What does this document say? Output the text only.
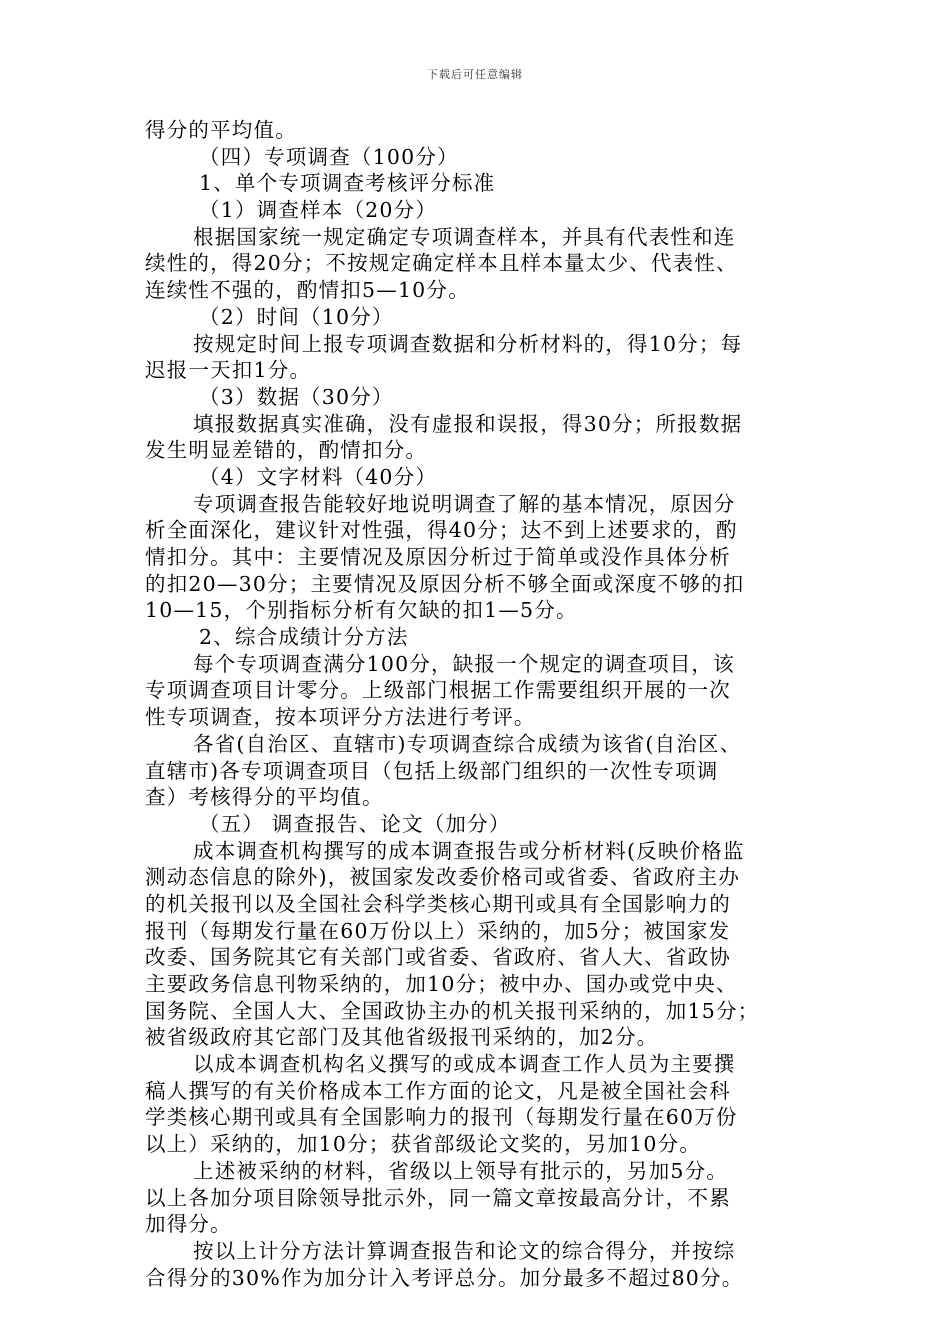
下载后可任意编辑
得分的平均值。
（四）专项调查（100分）
1、单个专项调查考核评分标准
（1）调查样本（20分）
根据国家统一规定确定专项调查样本，并具有代表性和连
续性的，得20分；不按规定确定样本且样本量太少、代表性、
连续性不强的，酌情扣5—10分。
（2）时间（10分）
按规定时间上报专项调查数据和分析材料的，得10分；每
迟报一天扣1分。
（3）数据（30分）
填报数据真实准确，没有虚报和误报，得30分；所报数据
发生明显差错的，酌情扣分。
（4）文字材料（40分）
专项调查报告能较好地说明调查了解的基本情况，原因分
析全面深化，建议针对性强，得40分；达不到上述要求的，酌
情扣分。其中：主要情况及原因分析过于简单或没作具体分析
的扣20—30分；主要情况及原因分析不够全面或深度不够的扣
10—15，个别指标分析有欠缺的扣1—5分。
2、综合成绩计分方法
每个专项调查满分100分，缺报一个规定的调查项目，该
专项调查项目计零分。上级部门根据工作需要组织开展的一次
性专项调查，按本项评分方法进行考评。
各省(自治区、直辖市)专项调查综合成绩为该省(自治区、
直辖市)各专项调查项目（包括上级部门组织的一次性专项调
查）考核得分的平均值。
（五） 调查报告、论文（加分）
成本调查机构撰写的成本调查报告或分析材料(反映价格监
测动态信息的除外)，被国家发改委价格司或省委、省政府主办
的机关报刊以及全国社会科学类核心期刊或具有全国影响力的
报刊（每期发行量在60万份以上）采纳的，加5分；被国家发
改委、国务院其它有关部门或省委、省政府、省人大、省政协
主要政务信息刊物采纳的，加10分；被中办、国办或党中央、
国务院、全国人大、全国政协主办的机关报刊采纳的，加15分；
被省级政府其它部门及其他省级报刊采纳的，加2分。
以成本调查机构名义撰写的或成本调查工作人员为主要撰
稿人撰写的有关价格成本工作方面的论文，凡是被全国社会科
学类核心期刊或具有全国影响力的报刊（每期发行量在60万份
以上）采纳的，加10分；获省部级论文奖的，另加10分。
上述被采纳的材料，省级以上领导有批示的，另加5分。
以上各加分项目除领导批示外，同一篇文章按最高分计，不累
加得分。
按以上计分方法计算调查报告和论文的综合得分，并按综
合得分的30%作为加分计入考评总分。加分最多不超过80分。
